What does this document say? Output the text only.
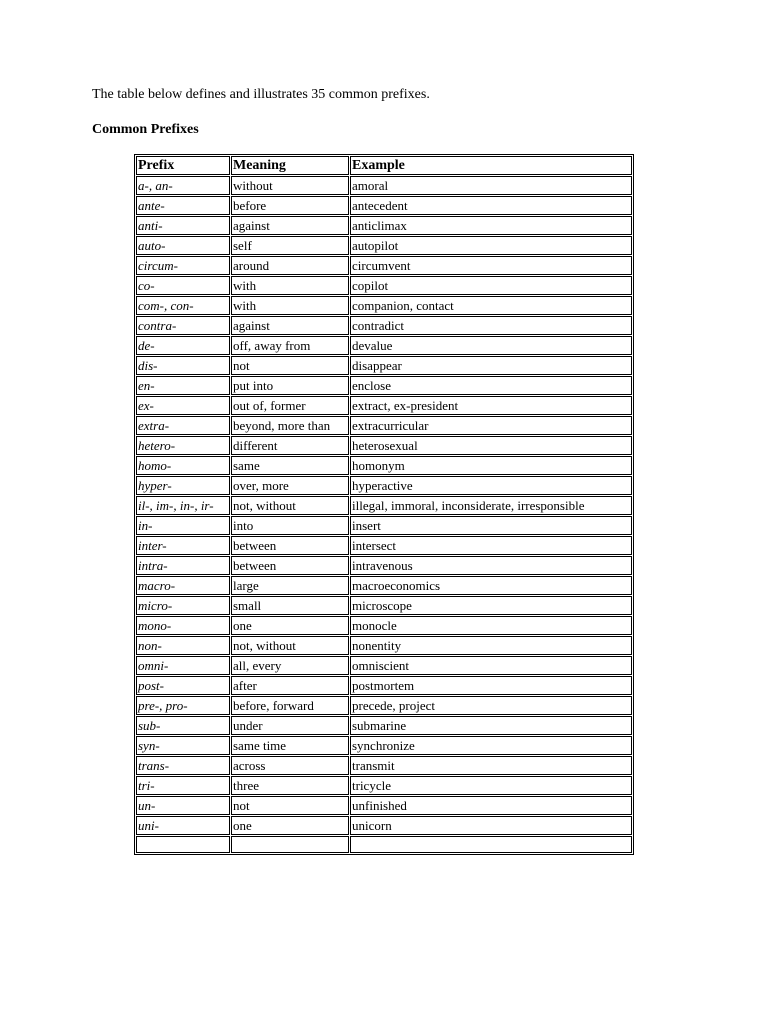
The table below defines and illustrates 35 common prefixes.
Common Prefixes
Prefix	Meaning	Example
a-, an-	without	amoral
ante-	before	antecedent
anti-	against	anticlimax
auto-	self	autopilot
circum-	around	circumvent
co-	with	copilot
com-, con-	with	companion, contact
contra-	against	contradict
de-	off, away from	devalue
dis-	not	disappear
en-	put into	enclose
ex-	out of, former	extract, ex-president
extra-	beyond, more than	extracurricular
hetero-	different	heterosexual
homo-	same	homonym
hyper-	over, more	hyperactive
il-, im-, in-, ir-	not, without	illegal, immoral, inconsiderate, irresponsible
in-	into	insert
inter-	between	intersect
intra-	between	intravenous
macro-	large	macroeconomics
micro-	small	microscope
mono-	one	monocle
non-	not, without	nonentity
omni-	all, every	omniscient
post-	after	postmortem
pre-, pro-	before, forward	precede, project
sub-	under	submarine
syn-	same time	synchronize
trans-	across	transmit
tri-	three	tricycle
un-	not	unfinished
uni-	one	unicorn
